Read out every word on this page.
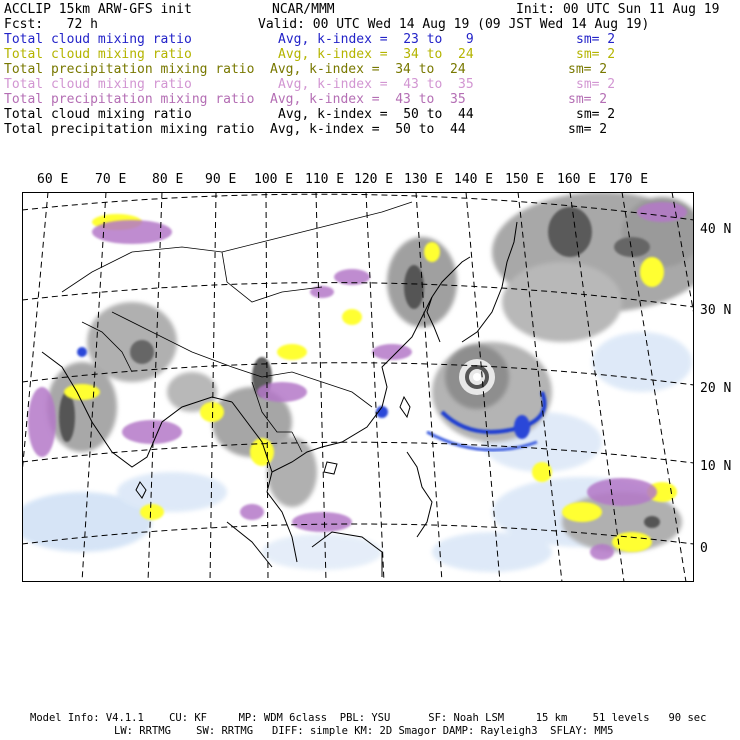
ACCLIP 15km ARW-GFS init	NCAR/MMM	Init: 00 UTC Sun 11 Aug 19
Fcst:   72 h	Valid: 00 UTC Wed 14 Aug 19 (09 JST Wed 14 Aug 19)
Total cloud mixing ratio	Avg, k-index =  23 to   9	sm= 2
Total cloud mixing ratio	Avg, k-index =  34 to  24	sm= 2
Total precipitation mixing ratio Avg, k-index =  34 to  24	sm= 2
Total cloud mixing ratio	Avg, k-index =  43 to  35	sm= 2
Total precipitation mixing ratio Avg, k-index =  43 to  35	sm= 2
Total cloud mixing ratio	Avg, k-index =  50 to  44	sm= 2
Total precipitation mixing ratio Avg, k-index =  50 to  44	sm= 2
60 E 70 E 80 E 90 E 100 E 110 E 120 E 130 E 140 E 150 E 160 E 170 E
40 N
30 N
20 N
10 N
0
Model Info: V4.1.1    CU: KF     MP: WDM 6class  PBL: YSU      SF: Noah LSM     15 km    51 levels   90 sec
LW: RRTMG    SW: RRTMG   DIFF: simple KM: 2D Smagor DAMP: Rayleigh3  SFLAY: MM5
